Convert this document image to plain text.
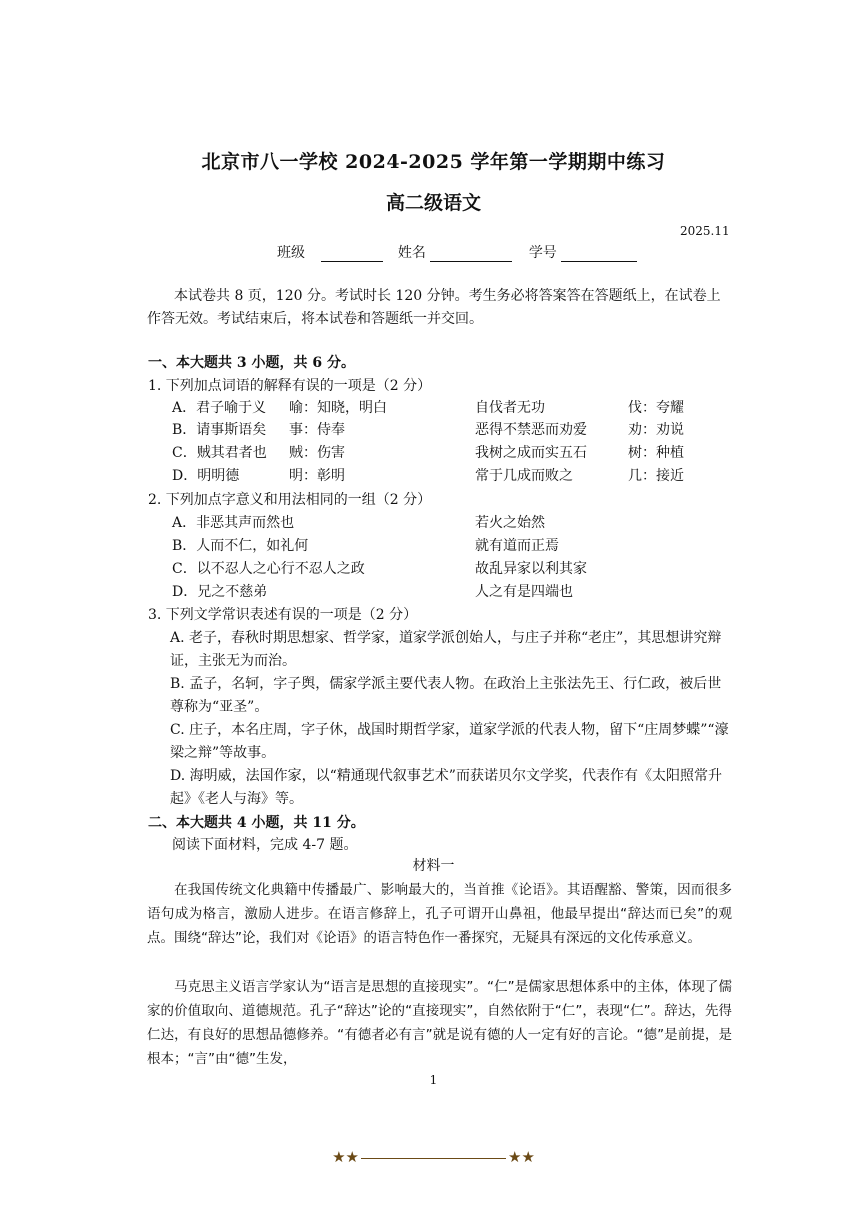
北京市八一学校 2024-2025 学年第一学期期中练习
高二级语文
2025.11
班级	姓名	学号
本试卷共 8 页，120 分。考试时长 120 分钟。考生务必将答案答在答题纸上，在试卷上作答无效。考试结束后，将本试卷和答题纸一并交回。
一、本大题共 3 小题，共 6 分。
1. 下列加点词语的解释有误的一项是（2 分）
A．君子喻于义 喻：知晓，明白	自伐者无功	伐：夸耀
B．请事斯语矣 事：侍奉	恶得不禁恶而劝爱	劝：劝说
C．贼其君者也 贼：伤害	我树之成而实五石	树：种植
D．明明德	明：彰明	常于几成而败之	几：接近
2. 下列加点字意义和用法相同的一组（2 分）
A．非恶其声而然也	若火之始然
B．人而不仁，如礼何	就有道而正焉
C．以不忍人之心行不忍人之政	故乱异家以利其家
D．兄之不慈弟	人之有是四端也
3. 下列文学常识表述有误的一项是（2 分）
A. 老子，春秋时期思想家、哲学家，道家学派创始人，与庄子并称“老庄”，其思想讲究辩证，主张无为而治。
B. 孟子，名轲，字子舆，儒家学派主要代表人物。在政治上主张法先王、行仁政，被后世尊称为“亚圣”。
C. 庄子，本名庄周，字子休，战国时期哲学家，道家学派的代表人物，留下“庄周梦蝶”“濠梁之辩”等故事。
D. 海明威，法国作家，以“精通现代叙事艺术”而获诺贝尔文学奖，代表作有《太阳照常升起》《老人与海》等。
二、本大题共 4 小题，共 11 分。
阅读下面材料，完成 4-7 题。
材料一
在我国传统文化典籍中传播最广、影响最大的，当首推《论语》。其语醒豁、警策，因而很多语句成为格言，激励人进步。在语言修辞上，孔子可谓开山鼻祖，他最早提出“辞达而已矣”的观点。围绕“辞达”论，我们对《论语》的语言特色作一番探究，无疑具有深远的文化传承意义。
马克思主义语言学家认为“语言是思想的直接现实”。“仁”是儒家思想体系中的主体，体现了儒家的价值取向、道德规范。孔子“辞达”论的“直接现实”，自然依附于“仁”，表现“仁”。辞达，先得仁达，有良好的思想品德修养。“有德者必有言”就是说有德的人一定有好的言论。“德”是前提，是根本；“言”由“德”生发，
1
★★	★★
